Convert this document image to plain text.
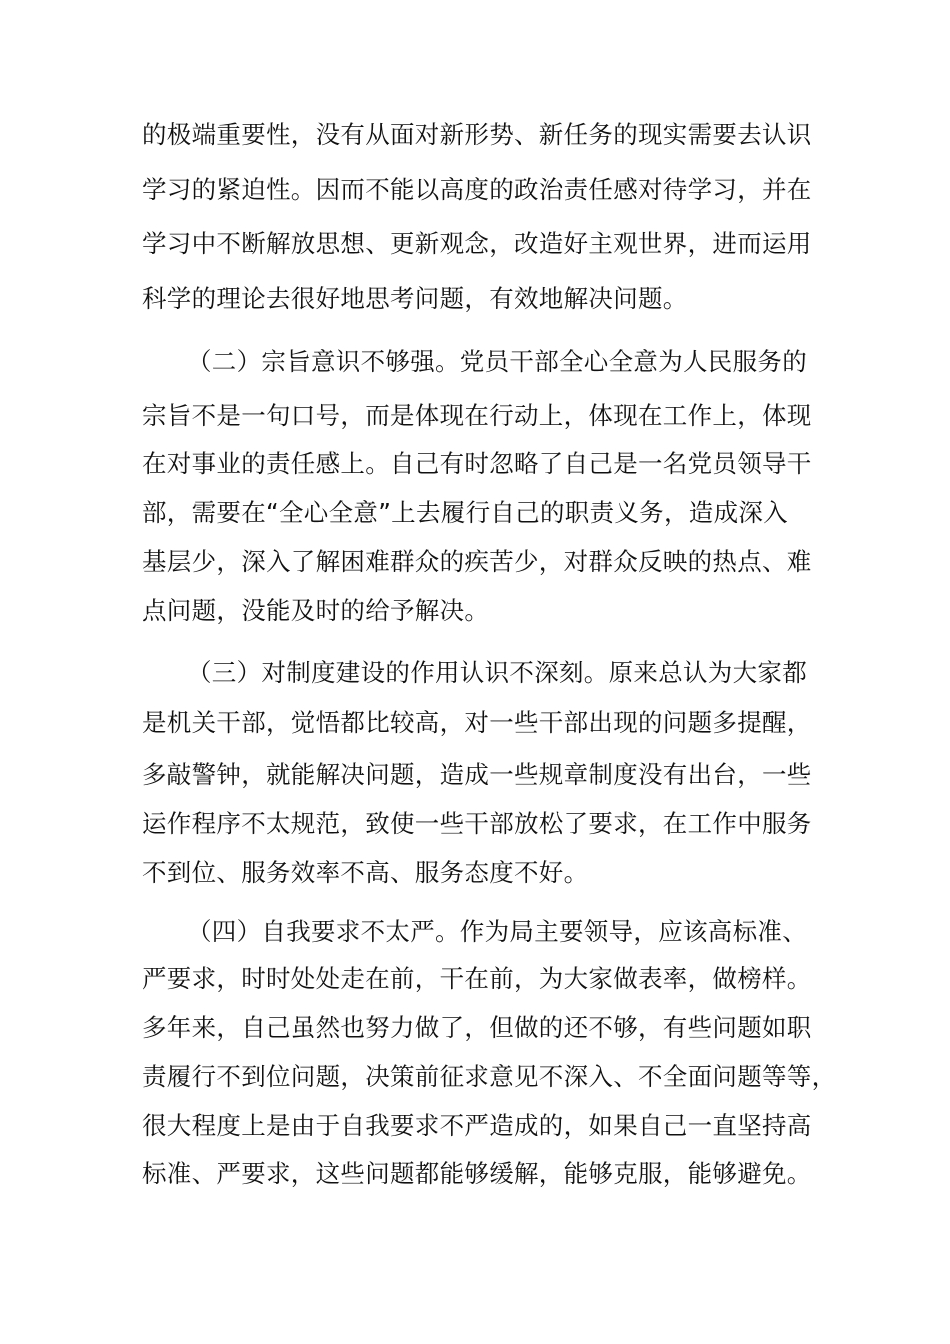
的极端重要性，没有从面对新形势、新任务的现实需要去认识
学习的紧迫性。因而不能以高度的政治责任感对待学习，并在
学习中不断解放思想、更新观念，改造好主观世界，进而运用
科学的理论去很好地思考问题，有效地解决问题。
（二）宗旨意识不够强。党员干部全心全意为人民服务的
宗旨不是一句口号，而是体现在行动上，体现在工作上，体现
在对事业的责任感上。自己有时忽略了自己是一名党员领导干
部，需要在“全心全意”上去履行自己的职责义务，造成深入
基层少，深入了解困难群众的疾苦少，对群众反映的热点、难
点问题，没能及时的给予解决。
（三）对制度建设的作用认识不深刻。原来总认为大家都
是机关干部，觉悟都比较高，对一些干部出现的问题多提醒，
多敲警钟，就能解决问题，造成一些规章制度没有出台，一些
运作程序不太规范，致使一些干部放松了要求，在工作中服务
不到位、服务效率不高、服务态度不好。
（四）自我要求不太严。作为局主要领导，应该高标准、
严要求，时时处处走在前，干在前，为大家做表率，做榜样。
多年来，自己虽然也努力做了，但做的还不够，有些问题如职
责履行不到位问题，决策前征求意见不深入、不全面问题等等，
很大程度上是由于自我要求不严造成的，如果自己一直坚持高
标准、严要求，这些问题都能够缓解，能够克服，能够避免。
